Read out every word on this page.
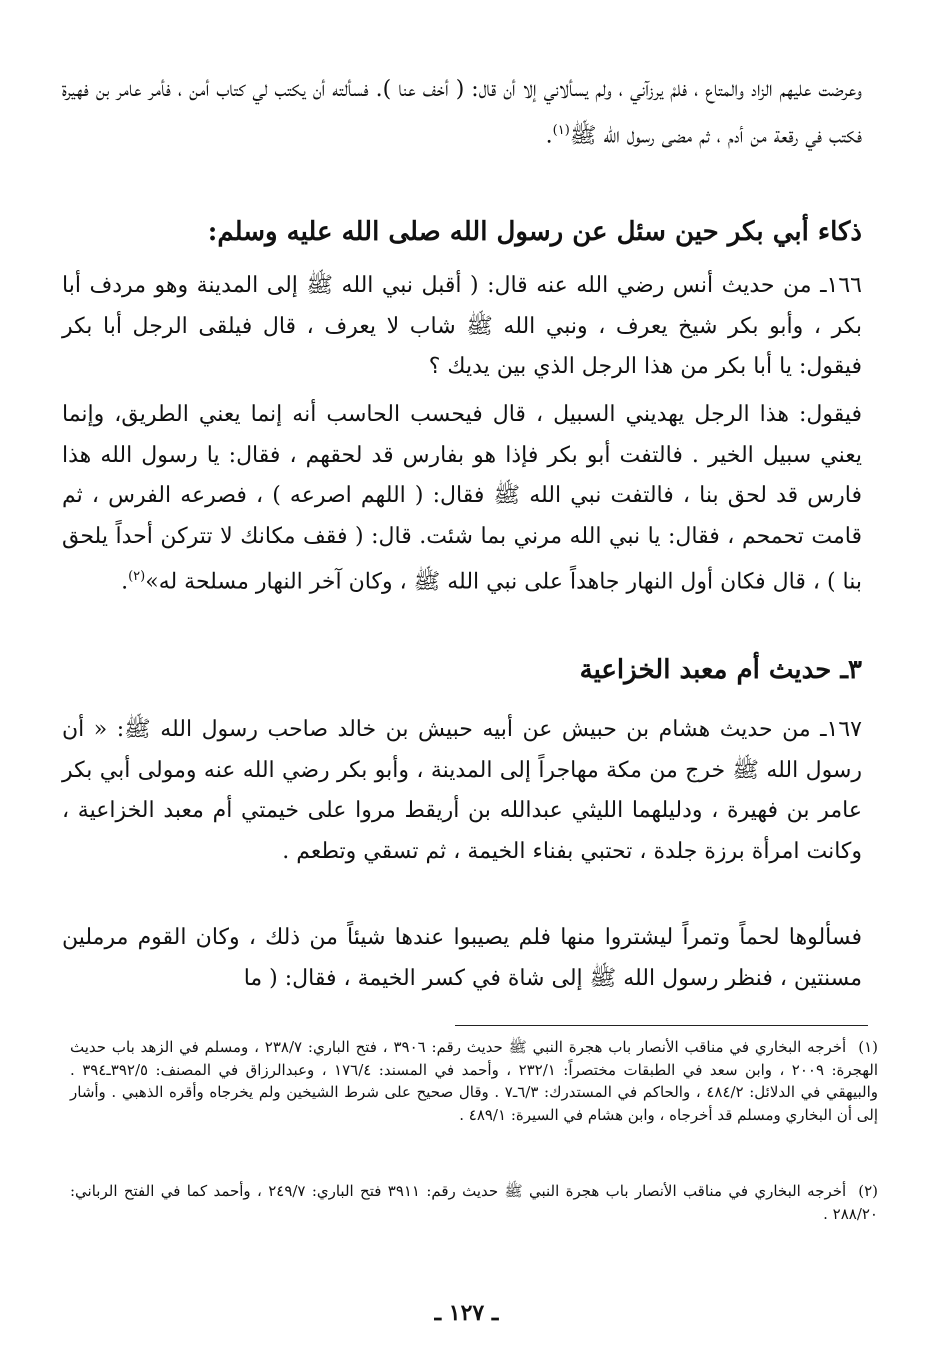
وعرضت عليهم الزاد والمتاع ، فلمْ يرزآني ، ولم يسألاني إلا أن قال: ( أخف عنا ). فسألته أن يكتب لي كتاب أمن ، فأمر عامر بن فهيرة فكتب في رقعة من أدم ، ثم مضى رسول الله ﷺ$^{(١)}$.

ذكاء أبي بكر حين سئل عن رسول الله صلى الله عليه وسلم:

١٦٦ـ من حديث أنس رضي الله عنه قال: ( أقبل نبي الله ﷺ إلى المدينة وهو مردف أبا بكر ، وأبو بكر شيخ يعرف ، ونبي الله ﷺ شاب لا يعرف ، قال فيلقى الرجل أبا بكر فيقول: يا أبا بكر من هذا الرجل الذي بين يديك ؟

فيقول: هذا الرجل يهديني السبيل ، قال فيحسب الحاسب أنه إنما يعني الطريق، وإنما يعني سبيل الخير . فالتفت أبو بكر فإذا هو بفارس قد لحقهم ، فقال: يا رسول الله هذا فارس قد لحق بنا ، فالتفت نبي الله ﷺ فقال: ( اللهم اصرعه ) ، فصرعه الفرس ، ثم قامت تحمحم ، فقال: يا نبي الله مرني بما شئت. قال: ( فقف مكانك لا تتركن أحداً يلحق بنا ) ، قال فكان أول النهار جاهداً على نبي الله ﷺ ، وكان آخر النهار مسلحة له»$^{(٢)}$.

٣ـ حديث أم معبد الخزاعية

١٦٧ـ من حديث هشام بن حبيش عن أبيه حبيش بن خالد صاحب رسول الله ﷺ: « أن رسول الله ﷺ خرج من مكة مهاجراً إلى المدينة ، وأبو بكر رضي الله عنه ومولى أبي بكر عامر بن فهيرة ، ودليلهما الليثي عبدالله بن أريقط مروا على خيمتي أم معبد الخزاعية ، وكانت امرأة برزة جلدة ، تحتبي بفناء الخيمة ، ثم تسقي وتطعم .

فسألوها لحماً وتمراً ليشتروا منها فلم يصيبوا عندها شيئاً من ذلك ، وكان القوم مرملين مسنتين ، فنظر رسول الله ﷺ إلى شاة في كسر الخيمة ، فقال: ( ما

(١)أخرجه البخاري في مناقب الأنصار باب هجرة النبي ﷺ حديث رقم: ٣٩٠٦ ، فتح الباري: ٢٣٨/٧ ، ومسلم في الزهد باب حديث الهجرة: ٢٠٠٩ ، وابن سعد في الطبقات مختصراً: ٢٣٢/١ ، وأحمد في المسند: ١٧٦/٤ ، وعبدالرزاق في المصنف: ٣٩٢/٥ـ٣٩٤ . والبيهقي في الدلائل: ٤٨٤/٢ ، والحاكم في المستدرك: ٦/٣ـ٧ . وقال صحيح على شرط الشيخين ولم يخرجاه وأقره الذهبي . وأشار إلى أن البخاري ومسلم قد أخرجاه ، وابن هشام في السيرة: ٤٨٩/١ .
(٢)أخرجه البخاري في مناقب الأنصار باب هجرة النبي ﷺ حديث رقم: ٣٩١١ فتح الباري: ٢٤٩/٧ ، وأحمد كما في الفتح الرباني: ٢٨٨/٢٠ .
ـ ١٢٧ ـ
